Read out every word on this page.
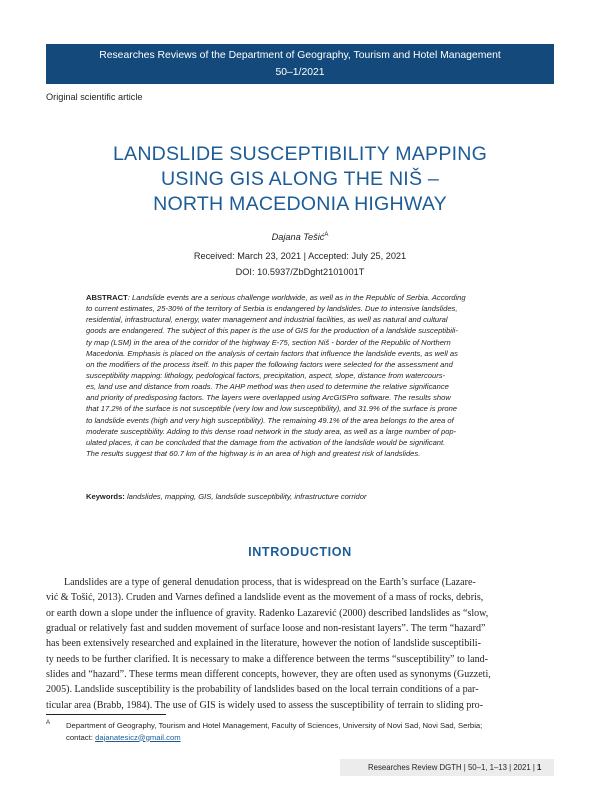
Researches Reviews of the Department of Geography, Tourism and Hotel Management
50–1/2021
Original scientific article
LANDSLIDE SUSCEPTIBILITY MAPPING
USING GIS ALONG THE NIŠ –
NORTH MACEDONIA HIGHWAY
Dajana Tešić$^A$
Received: March 23, 2021 | Accepted: July 25, 2021
DOI: 10.5937/ZbDght2101001T
ABSTRACT: Landslide events are a serious challenge worldwide, as well as in the Republic of Serbia. According
to current estimates, 25-30% of the territory of Serbia is endangered by landslides. Due to intensive landslides,
residential, infrastructural, energy, water management and industrial facilities, as well as natural and cultural
goods are endangered. The subject of this paper is the use of GIS for the production of a landslide susceptibili-
ty map (LSM) in the area of the corridor of the highway E-75, section Niš - border of the Republic of Northern
Macedonia. Emphasis is placed on the analysis of certain factors that influence the landslide events, as well as
on the modifiers of the process itself. In this paper the following factors were selected for the assessment and
susceptibility mapping: lithology, pedological factors, precipitation, aspect, slope, distance from watercours-
es, land use and distance from roads. The AHP method was then used to determine the relative significance
and priority of predisposing factors. The layers were overlapped using ArcGISPro software. The results show
that 17.2% of the surface is not susceptible (very low and low susceptibility), and 31.9% of the surface is prone
to landslide events (high and very high susceptibility). The remaining 49.1% of the area belongs to the area of
moderate susceptibility. Adding to this dense road network in the study area, as well as a large number of pop-
ulated places, it can be concluded that the damage from the activation of the landslide would be significant.
The results suggest that 60.7 km of the highway is in an area of high and greatest risk of landslides.
Keywords: landslides, mapping, GIS, landslide susceptibility, infrastructure corridor
INTRODUCTION
Landslides are a type of general denudation process, that is widespread on the Earth’s surface (Lazare-
vić & Tošić, 2013). Cruden and Varnes defined a landslide event as the movement of a mass of rocks, debris,
or earth down a slope under the influence of gravity. Radenko Lazarević (2000) described landslides as “slow,
gradual or relatively fast and sudden movement of surface loose and non-resistant layers”. The term “hazard”
has been extensively researched and explained in the literature, however the notion of landslide susceptibili-
ty needs to be further clarified. It is necessary to make a difference between the terms “susceptibility” to land-
slides and “hazard”. These terms mean different concepts, however, they are often used as synonyms (Guzzeti,
2005). Landslide susceptibility is the probability of landslides based on the local terrain conditions of a par-
ticular area (Brabb, 1984). The use of GIS is widely used to assess the susceptibility of terrain to sliding pro-
A	Department of Geography, Tourism and Hotel Management, Faculty of Sciences, University of Novi Sad, Novi Sad, Serbia;
contact: dajanatesicz@gmail.com
Researches Review DGTH | 50–1, 1–13 | 2021 | 1
